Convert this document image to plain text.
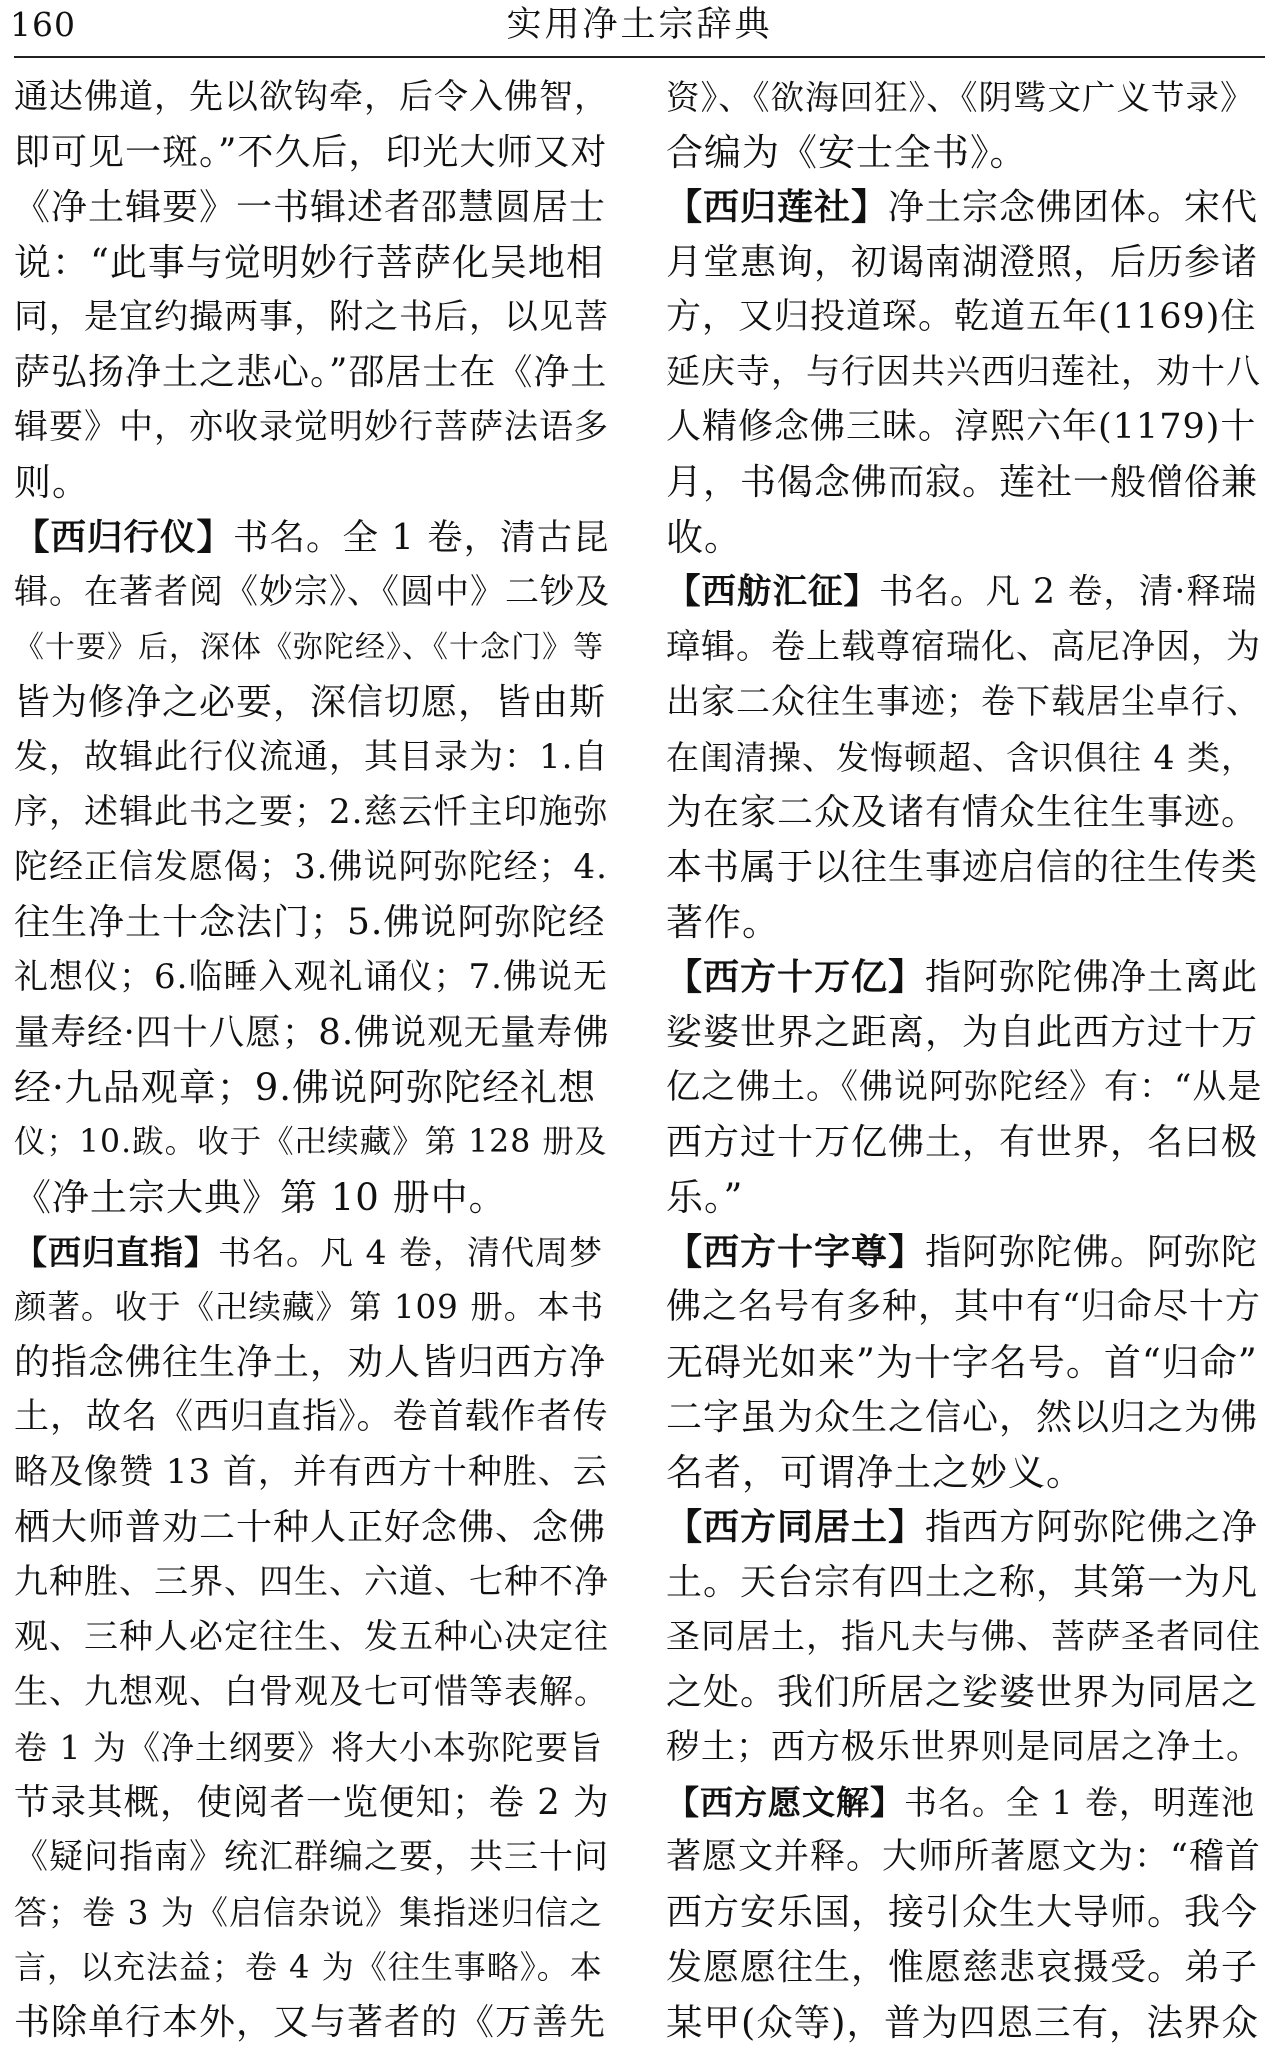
160	实用净土宗辞典
通达佛道，先以欲钩牵，后令入佛智，
即可见一斑。”不久后，印光大师又对
《净土辑要》一书辑述者邵慧圆居士
说：“此事与觉明妙行菩萨化吴地相
同，是宜约撮两事，附之书后，以见菩
萨弘扬净土之悲心。”邵居士在《净土
辑要》中，亦收录觉明妙行菩萨法语多
则。
【西归行仪】书名。全 1 卷，清古昆
辑。在著者阅《妙宗》、《圆中》二钞及
《十要》后，深体《弥陀经》、《十念门》等
皆为修净之必要，深信切愿，皆由斯
发，故辑此行仪流通，其目录为：1.自
序，述辑此书之要；2.慈云忏主印施弥
陀经正信发愿偈；3.佛说阿弥陀经；4.
往生净土十念法门；5.佛说阿弥陀经
礼想仪；6.临睡入观礼诵仪；7.佛说无
量寿经·四十八愿；8.佛说观无量寿佛
经·九品观章；9.佛说阿弥陀经礼想
仪；10.跋。收于《卍续藏》第 128 册及
《净土宗大典》第 10 册中。
【西归直指】书名。凡 4 卷，清代周梦
颜著。收于《卍续藏》第 109 册。本书
的指念佛往生净土，劝人皆归西方净
土，故名《西归直指》。卷首载作者传
略及像赞 13 首，并有西方十种胜、云
栖大师普劝二十种人正好念佛、念佛
九种胜、三界、四生、六道、七种不净
观、三种人必定往生、发五种心决定往
生、九想观、白骨观及七可惜等表解。
卷 1 为《净土纲要》将大小本弥陀要旨
节录其概，使阅者一览便知；卷 2 为
《疑问指南》统汇群编之要，共三十问
答；卷 3 为《启信杂说》集指迷归信之
言，以充法益；卷 4 为《往生事略》。本
书除单行本外，又与著者的《万善先
资》、《欲海回狂》、《阴骘文广义节录》
合编为《安士全书》。
【西归莲社】净土宗念佛团体。宋代
月堂惠询，初谒南湖澄照，后历参诸
方，又归投道琛。乾道五年(1169)住
延庆寺，与行因共兴西归莲社，劝十八
人精修念佛三昧。淳熙六年(1179)十
月，书偈念佛而寂。莲社一般僧俗兼
收。
【西舫汇征】书名。凡 2 卷，清·释瑞
璋辑。卷上载尊宿瑞化、高尼净因，为
出家二众往生事迹；卷下载居尘卓行、
在闺清操、发悔顿超、含识俱往 4 类，
为在家二众及诸有情众生往生事迹。
本书属于以往生事迹启信的往生传类
著作。
【西方十万亿】指阿弥陀佛净土离此
娑婆世界之距离，为自此西方过十万
亿之佛土。《佛说阿弥陀经》有：“从是
西方过十万亿佛土，有世界，名曰极
乐。”
【西方十字尊】指阿弥陀佛。阿弥陀
佛之名号有多种，其中有“归命尽十方
无碍光如来”为十字名号。首“归命”
二字虽为众生之信心，然以归之为佛
名者，可谓净土之妙义。
【西方同居土】指西方阿弥陀佛之净
土。天台宗有四土之称，其第一为凡
圣同居土，指凡夫与佛、菩萨圣者同住
之处。我们所居之娑婆世界为同居之
秽土；西方极乐世界则是同居之净土。
【西方愿文解】书名。全 1 卷，明莲池
著愿文并释。大师所著愿文为：“稽首
西方安乐国，接引众生大导师。我今
发愿愿往生，惟愿慈悲哀摄受。弟子
某甲(众等)，普为四恩三有，法界众
